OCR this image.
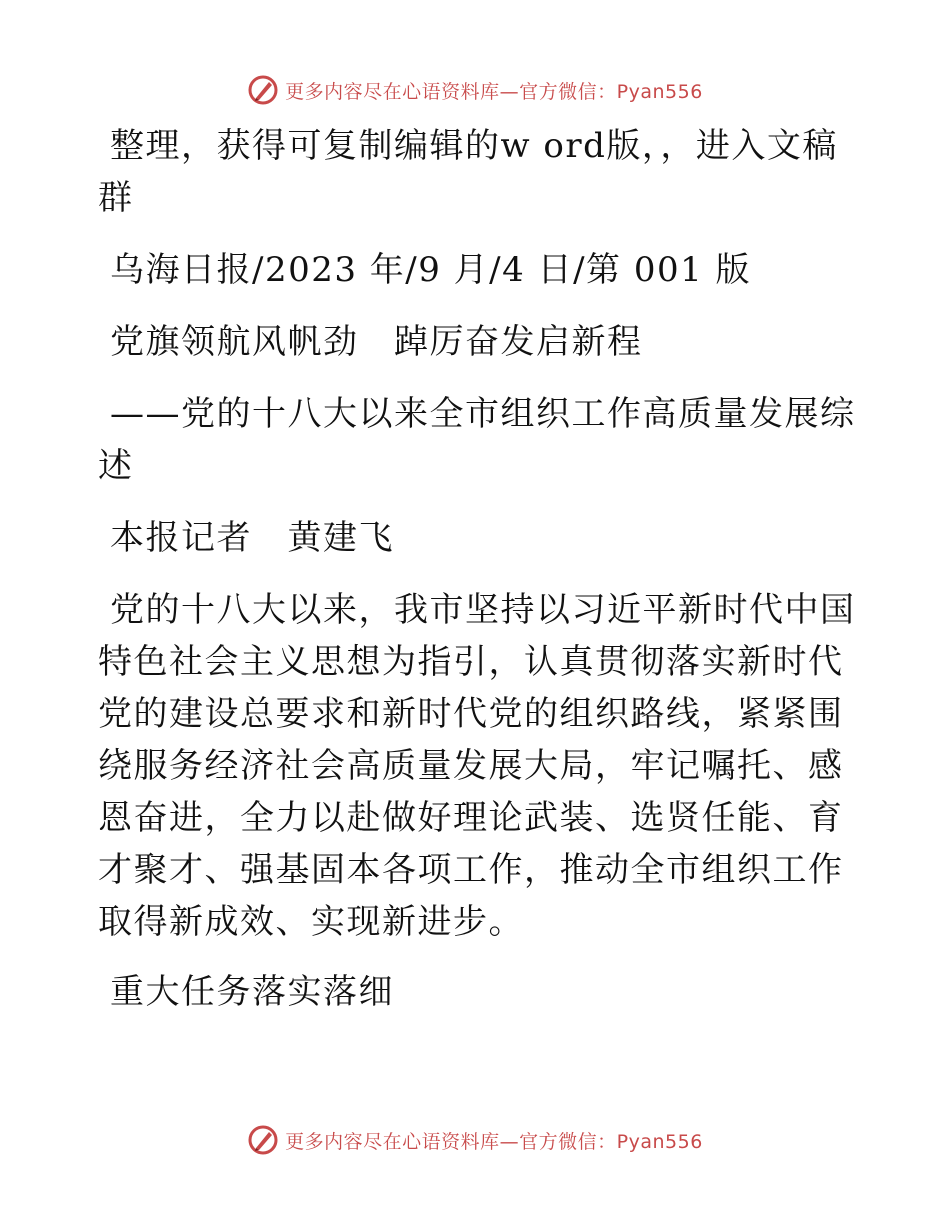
更多内容尽在心语资料库—官方微信：Pyan556

整理，获得可复制编辑的w ord版，，进入文稿群

乌海日报/2023 年/9 月/4 日/第 001 版

党旗领航风帆劲　踔厉奋发启新程

——党的十八大以来全市组织工作高质量发展综述

本报记者　黄建飞

党的十八大以来，我市坚持以习近平新时代中国特色社会主义思想为指引，认真贯彻落实新时代党的建设总要求和新时代党的组织路线，紧紧围绕服务经济社会高质量发展大局，牢记嘱托、感恩奋进，全力以赴做好理论武装、选贤任能、育才聚才、强基固本各项工作，推动全市组织工作取得新成效、实现新进步。

重大任务落实落细

更多内容尽在心语资料库—官方微信：Pyan556
